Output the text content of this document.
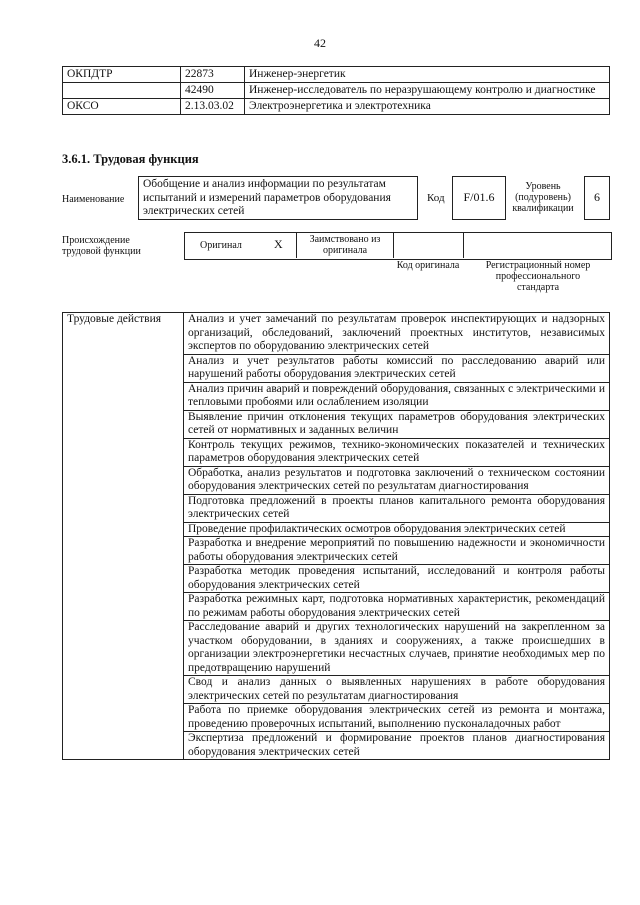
42
ОКПДТР	22873	Инженер-энергетик
	42490	Инженер-исследователь по неразрушающему контролю и диагностике
ОКСО	2.13.03.02	Электроэнергетика и электротехника
3.6.1. Трудовая функция
Наименование
Обобщение и анализ информации по результатам испытаний и измерений параметров оборудования электрических сетей
Код	F/01.6
Уровень (подуровень) квалификации
6
Происхождение трудовой функции
Оригинал	X	Заимствовано из оригинала
Код оригинала	Регистрационный номер профессионального стандарта
Трудовые действия	Анализ и учет замечаний по результатам проверок инспектирующих и надзорных организаций, обследований, заключений проектных институтов, независимых экспертов по оборудованию электрических сетей
Анализ и учет результатов работы комиссий по расследованию аварий или нарушений работы оборудования электрических сетей
Анализ причин аварий и повреждений оборудования, связанных с электрическими и тепловыми пробоями или ослаблением изоляции
Выявление причин отклонения текущих параметров оборудования электрических сетей от нормативных и заданных величин
Контроль текущих режимов, технико-экономических показателей и технических параметров оборудования электрических сетей
Обработка, анализ результатов и подготовка заключений о техническом состоянии оборудования электрических сетей по результатам диагностирования
Подготовка предложений в проекты планов капитального ремонта оборудования электрических сетей
Проведение профилактических осмотров оборудования электрических сетей
Разработка и внедрение мероприятий по повышению надежности и экономичности работы оборудования электрических сетей
Разработка методик проведения испытаний, исследований и контроля работы оборудования электрических сетей
Разработка режимных карт, подготовка нормативных характеристик, рекомендаций по режимам работы оборудования электрических сетей
Расследование аварий и других технологических нарушений на закрепленном за участком оборудовании, в зданиях и сооружениях, а также происшедших в организации электроэнергетики несчастных случаев, принятие необходимых мер по предотвращению нарушений
Свод и анализ данных о выявленных нарушениях в работе оборудования электрических сетей по результатам диагностирования
Работа по приемке оборудования электрических сетей из ремонта и монтажа, проведению проверочных испытаний, выполнению пусконаладочных работ
Экспертиза предложений и формирование проектов планов диагностирования оборудования электрических сетей
